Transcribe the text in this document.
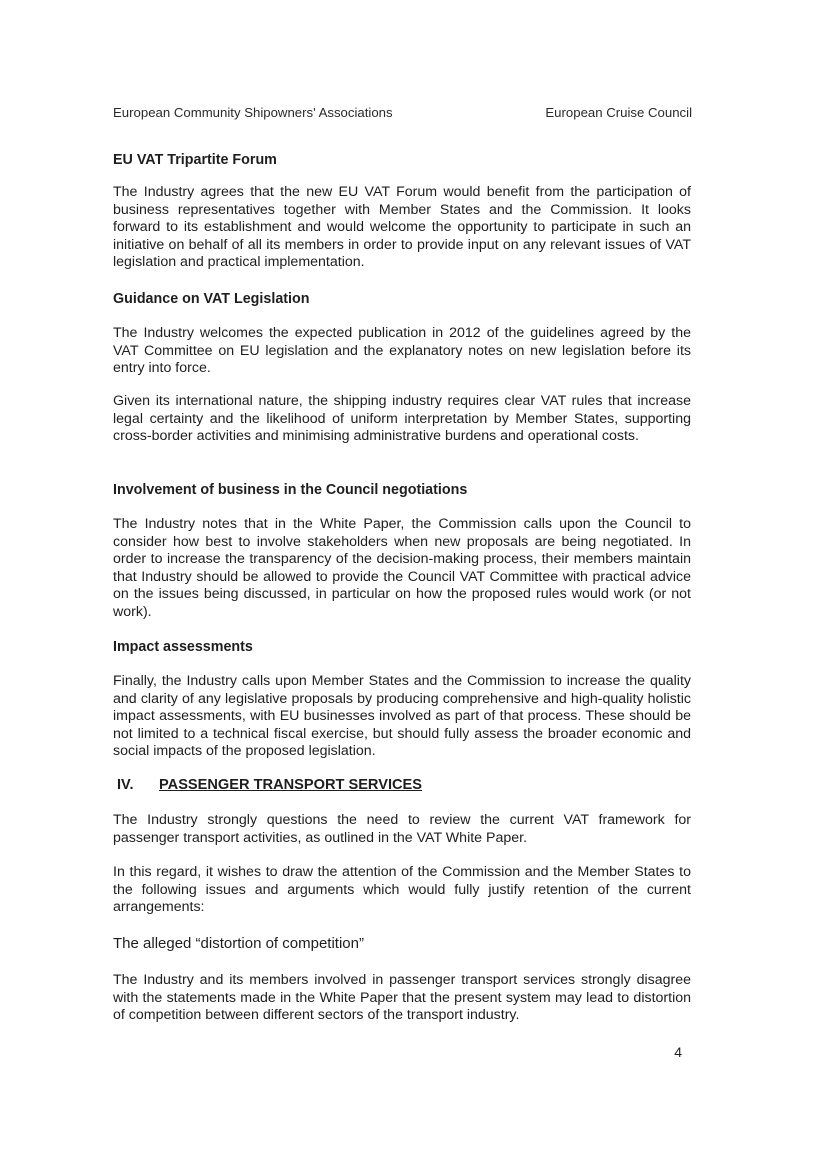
European Community Shipowners' Associations	European Cruise Council

EU VAT Tripartite Forum

The Industry agrees that the new EU VAT Forum would benefit from the participation of business representatives together with Member States and the Commission. It looks forward to its establishment and would welcome the opportunity to participate in such an initiative on behalf of all its members in order to provide input on any relevant issues of VAT legislation and practical implementation.

Guidance on VAT Legislation

The Industry welcomes the expected publication in 2012 of the guidelines agreed by the VAT Committee on EU legislation and the explanatory notes on new legislation before its entry into force.

Given its international nature, the shipping industry requires clear VAT rules that increase legal certainty and the likelihood of uniform interpretation by Member States, supporting cross-border activities and minimising administrative burdens and operational costs.

Involvement of business in the Council negotiations

The Industry notes that in the White Paper, the Commission calls upon the Council to consider how best to involve stakeholders when new proposals are being negotiated. In order to increase the transparency of the decision-making process, their members maintain that Industry should be allowed to provide the Council VAT Committee with practical advice on the issues being discussed, in particular on how the proposed rules would work (or not work).

Impact assessments

Finally, the Industry calls upon Member States and the Commission to increase the quality and clarity of any legislative proposals by producing comprehensive and high-quality holistic impact assessments, with EU businesses involved as part of that process. These should be not limited to a technical fiscal exercise, but should fully assess the broader economic and social impacts of the proposed legislation.

IV. PASSENGER TRANSPORT SERVICES

The Industry strongly questions the need to review the current VAT framework for passenger transport activities, as outlined in the VAT White Paper.

In this regard, it wishes to draw the attention of the Commission and the Member States to the following issues and arguments which would fully justify retention of the current arrangements:

The alleged “distortion of competition”

The Industry and its members involved in passenger transport services strongly disagree with the statements made in the White Paper that the present system may lead to distortion of competition between different sectors of the transport industry.

4
